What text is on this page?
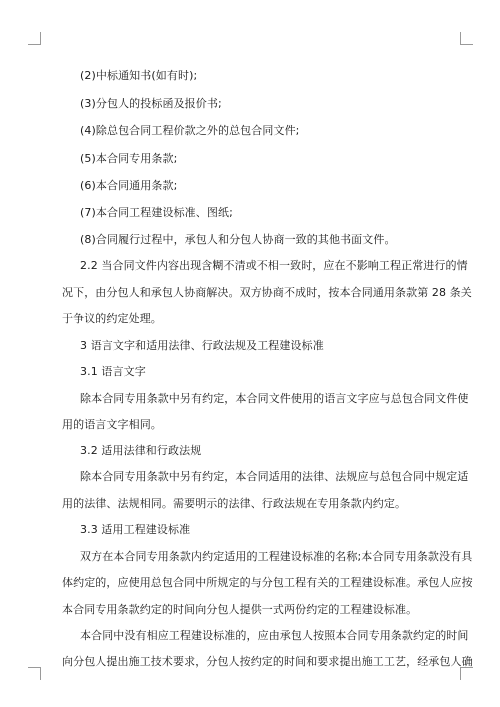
(2)中标通知书(如有时);
(3)分包人的投标函及报价书;
(4)除总包合同工程价款之外的总包合同文件;
(5)本合同专用条款;
(6)本合同通用条款;
(7)本合同工程建设标准、图纸;
(8)合同履行过程中，承包人和分包人协商一致的其他书面文件。
2.2 当合同文件内容出现含糊不清或不相一致时，应在不影响工程正常进行的情
况下，由分包人和承包人协商解决。双方协商不成时，按本合同通用条款第 28 条关
于争议的约定处理。
3 语言文字和适用法律、行政法规及工程建设标准
3.1 语言文字
除本合同专用条款中另有约定，本合同文件使用的语言文字应与总包合同文件使
用的语言文字相同。
3.2 适用法律和行政法规
除本合同专用条款中另有约定，本合同适用的法律、法规应与总包合同中规定适
用的法律、法规相同。需要明示的法律、行政法规在专用条款内约定。
3.3 适用工程建设标准
双方在本合同专用条款内约定适用的工程建设标准的名称;本合同专用条款没有具
体约定的，应使用总包合同中所规定的与分包工程有关的工程建设标准。承包人应按
本合同专用条款约定的时间向分包人提供一式两份约定的工程建设标准。
本合同中没有相应工程建设标准的，应由承包人按照本合同专用条款约定的时间
向分包人提出施工技术要求，分包人按约定的时间和要求提出施工工艺，经承包人确
